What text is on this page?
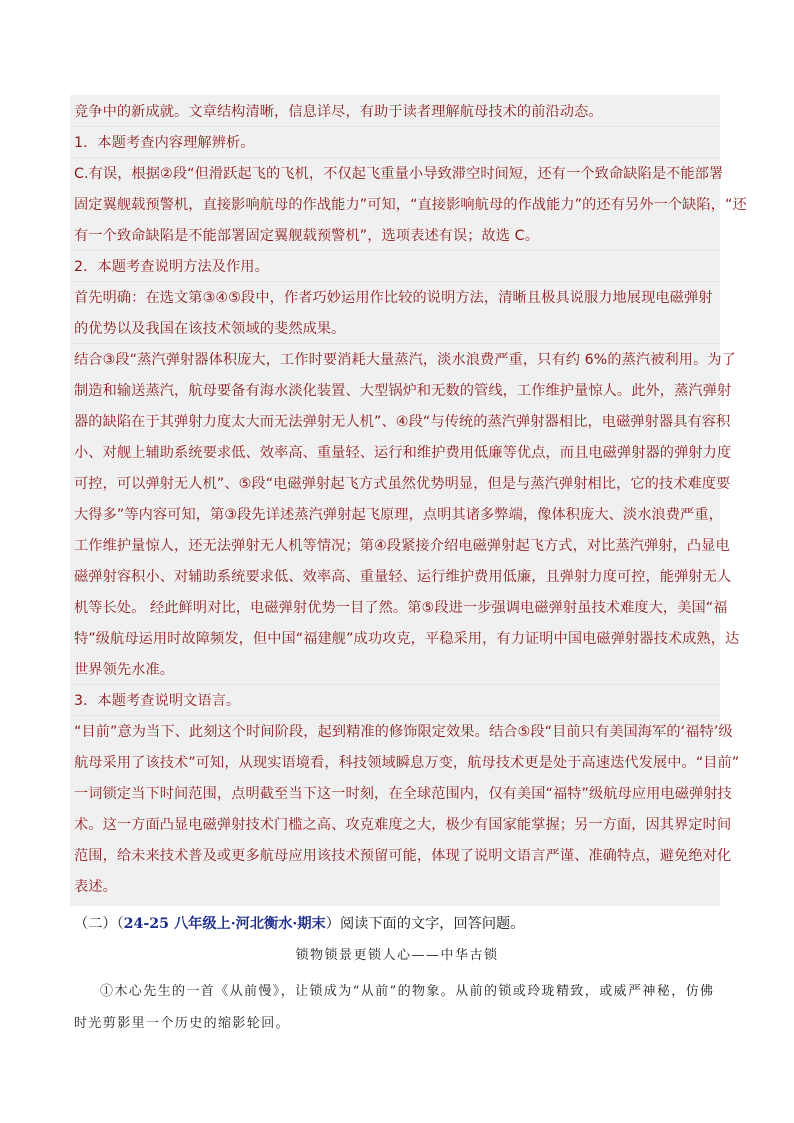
竞争中的新成就。文章结构清晰，信息详尽，有助于读者理解航母技术的前沿动态。
1．本题考查内容理解辨析。
C.有误，根据②段“但滑跃起飞的飞机，不仅起飞重量小导致滞空时间短，还有一个致命缺陷是不能部署
固定翼舰载预警机，直接影响航母的作战能力”可知，“直接影响航母的作战能力”的还有另外一个缺陷，“还
有一个致命缺陷是不能部署固定翼舰载预警机”，选项表述有误；故选 C。
2．本题考查说明方法及作用。
首先明确：在选文第③④⑤段中，作者巧妙运用作比较的说明方法，清晰且极具说服力地展现电磁弹射
的优势以及我国在该技术领域的斐然成果。
结合③段“蒸汽弹射器体积庞大，工作时要消耗大量蒸汽，淡水浪费严重，只有约 6%的蒸汽被利用。为了
制造和输送蒸汽，航母要备有海水淡化装置、大型锅炉和无数的管线，工作维护量惊人。此外，蒸汽弹射
器的缺陷在于其弹射力度太大而无法弹射无人机”、④段“与传统的蒸汽弹射器相比，电磁弹射器具有容积
小、对舰上辅助系统要求低、效率高、重量轻、运行和维护费用低廉等优点，而且电磁弹射器的弹射力度
可控，可以弹射无人机”、⑤段“电磁弹射起飞方式虽然优势明显，但是与蒸汽弹射相比，它的技术难度要
大得多”等内容可知，第③段先详述蒸汽弹射起飞原理，点明其诸多弊端，像体积庞大、淡水浪费严重，
工作维护量惊人，还无法弹射无人机等情况；第④段紧接介绍电磁弹射起飞方式，对比蒸汽弹射，凸显电
磁弹射容积小、对辅助系统要求低、效率高、重量轻、运行维护费用低廉，且弹射力度可控，能弹射无人
机等长处。 经此鲜明对比，电磁弹射优势一目了然。第⑤段进一步强调电磁弹射虽技术难度大，美国“福
特”级航母运用时故障频发，但中国“福建舰”成功攻克，平稳采用，有力证明中国电磁弹射器技术成熟，达
世界领先水准。
3．本题考查说明文语言。
“目前”意为当下、此刻这个时间阶段，起到精准的修饰限定效果。结合⑤段“目前只有美国海军的‘福特’级
航母采用了该技术”可知，从现实语境看，科技领域瞬息万变，航母技术更是处于高速迭代发展中。“目前”
一词锁定当下时间范围，点明截至当下这一时刻，在全球范围内，仅有美国“福特”级航母应用电磁弹射技
术。这一方面凸显电磁弹射技术门槛之高、攻克难度之大，极少有国家能掌握；另一方面，因其界定时间
范围，给未来技术普及或更多航母应用该技术预留可能，体现了说明文语言严谨、准确特点，避免绝对化
表述。
（二）（24-25 八年级上·河北衡水·期末）阅读下面的文字，回答问题。
锁物锁景更锁人心——中华古锁
①木心先生的一首《从前慢》，让锁成为“从前”的物象。从前的锁或玲珑精致，或威严神秘，仿佛
时光剪影里一个历史的缩影轮回。
